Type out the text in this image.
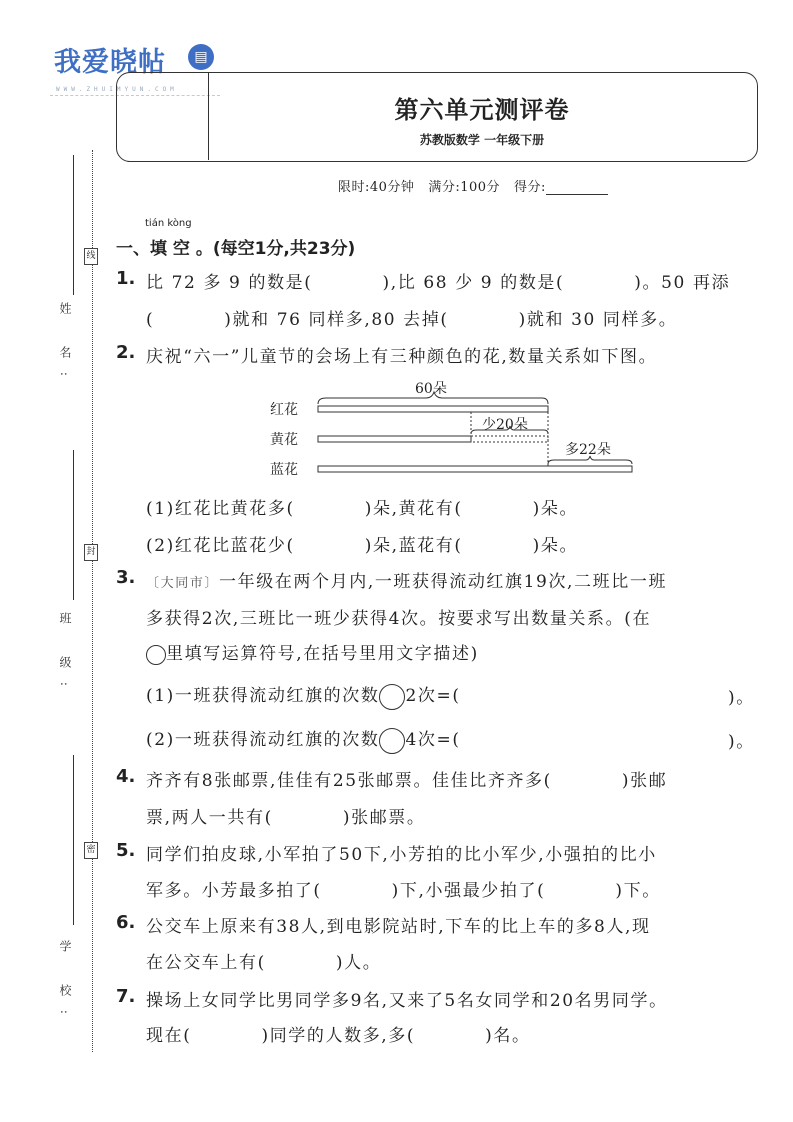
我爱晓帖	▤
WWW.ZHUIMYUN.COM
第六单元测评卷
苏教版数学 一年级下册
限时:40分钟 满分:100分 得分:
姓 名:
线
班 级:
封
学 校:
密
tián kòng
一、填 空 。(每空1分,共23分)
1. 比 72 多 9 的数是(          ),比 68 少 9 的数是(          )。50 再添
(          )就和 76 同样多,80 去掉(          )就和 30 同样多。
2. 庆祝“六一”儿童节的会场上有三种颜色的花,数量关系如下图。
红花
黄花
蓝花
60朵
少20朵
多22朵
(1)红花比黄花多(          )朵,黄花有(          )朵。
(2)红花比蓝花少(          )朵,蓝花有(          )朵。
3. 〔大同市〕一年级在两个月内,一班获得流动红旗19次,二班比一班
多获得2次,三班比一班少获得4次。按要求写出数量关系。(在
里填写运算符号,在括号里用文字描述)
(1)一班获得流动红旗的次数 2次=(	)。
(2)一班获得流动红旗的次数 4次=(	)。
4. 齐齐有8张邮票,佳佳有25张邮票。佳佳比齐齐多(          )张邮
票,两人一共有(          )张邮票。
5. 同学们拍皮球,小军拍了50下,小芳拍的比小军少,小强拍的比小
军多。小芳最多拍了(          )下,小强最少拍了(          )下。
6. 公交车上原来有38人,到电影院站时,下车的比上车的多8人,现
在公交车上有(          )人。
7. 操场上女同学比男同学多9名,又来了5名女同学和20名男同学。
现在(          )同学的人数多,多(          )名。
